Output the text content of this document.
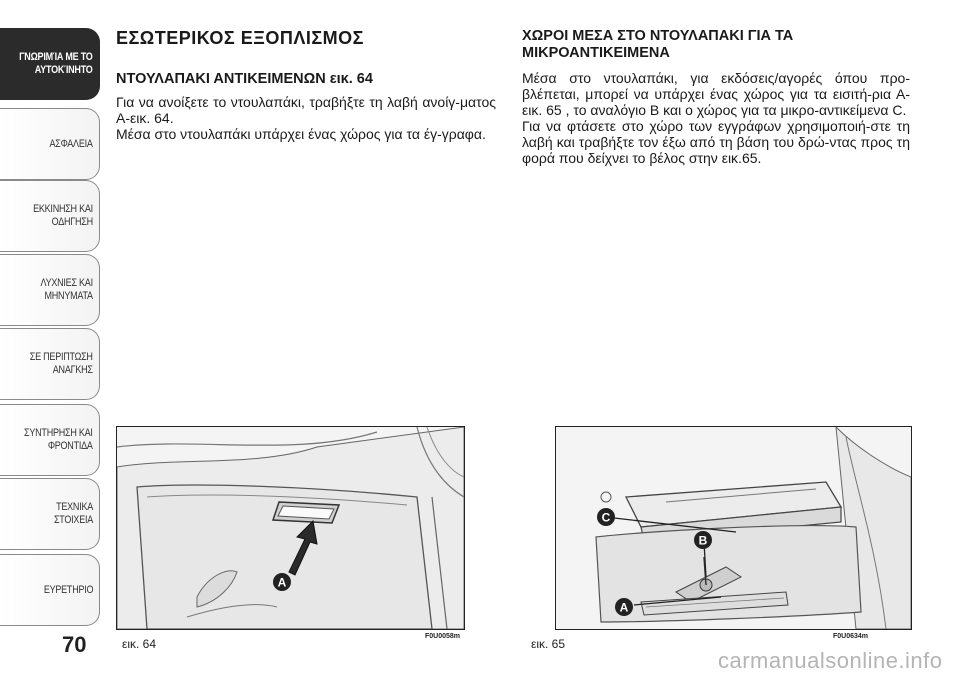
ΓΝΩΡΙΜΊΑ ΜΕ ΤΟ
ΑΥΤΟΚΊΝΗΤΟ
ΑΣΦΑΛΕΙΑ
ΕΚΚΙΝΗΣΗ ΚΑΙ
ΟΔΗΓΗΣΗ
ΛΥΧΝΙΕΣ ΚΑΙ
ΜΗΝΥΜΑΤΑ
ΣΕ ΠΕΡΙΠΤΩΣΗ
ΑΝΑΓΚΗΣ
ΣΥΝΤΗΡΗΣΗ ΚΑΙ
ΦΡΟΝΤΙΔΑ
ΤΕΧΝΙΚΑ ΣΤΟΙΧΕΙΑ
ΕΥΡΕΤΗΡΙΟ
70
ΕΣΩΤΕΡΙΚΟΣ ΕΞΟΠΛΙΣΜΟΣ
ΝΤΟΥΛΑΠΑΚΙ ΑΝΤΙΚΕΙΜΕΝΩΝ εικ. 64

Για να ανοίξετε το ντουλαπάκι, τραβήξτε τη λαβή ανοίγ-ματος Α-εικ. 64.

Μέσα στο ντουλαπάκι υπάρχει ένας χώρος για τα έγ-γραφα.

ΧΩΡΟΙ ΜΕΣΑ ΣΤΟ ΝΤΟΥΛΑΠΑΚΙ ΓΙΑ ΤΑ ΜΙΚΡΟΑΝΤΙΚΕΙΜΕΝΑ

Μέσα στο ντουλαπάκι, για εκδόσεις/αγορές όπου προ-βλέπεται, μπορεί να υπάρχει ένας χώρος για τα εισιτή-ρια Α-εικ. 65 , το αναλόγιο B και ο χώρος για τα μικρο-αντικείμενα C.

Για να φτάσετε στο χώρο των εγγράφων χρησιμοποιή-στε τη λαβή και τραβήξτε τον έξω από τη βάση του δρώ-ντας προς τη φορά που δείχνει το βέλος στην εικ.65.

A
εικ. 64
F0U0058m
C
B
A
εικ. 65
F0U0634m
carmanualsonline.info
